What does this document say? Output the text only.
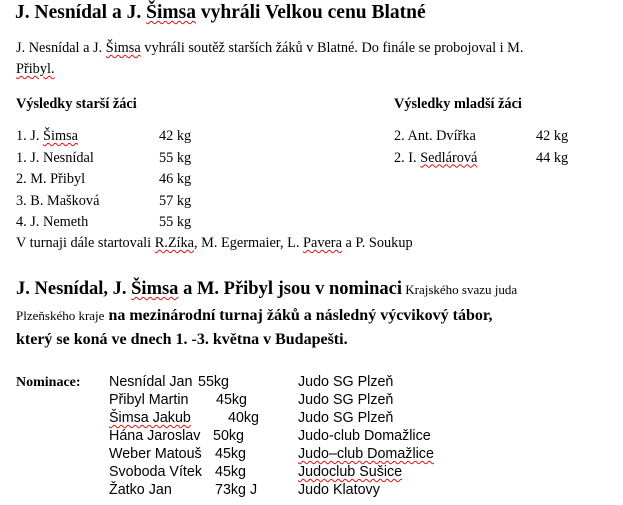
J. Nesnídal a J. Šimsa vyhráli Velkou cenu Blatné
J. Nesnídal a J. Šimsa vyhráli soutěž starších žáků v Blatné. Do finále se probojoval i M.
Přibyl.
Výsledky starší žáci	Výsledky mladší žáci
1. J. Šimsa	42 kg
1. J. Nesnídal	55 kg
2. M. Přibyl	46 kg
3. B. Mašková	57 kg
4. J. Nemeth	55 kg
2. Ant. Dvířka	42 kg
2. I. Sedlárová	44 kg
V turnaji dále startovali R.Zíka, M. Egermaier, L. Pavera a P. Soukup
J. Nesnídal, J. Šimsa a M. Přibyl jsou v nominaci Krajského svazu juda
Plzeňského kraje na mezinárodní turnaj žáků a následný výcvikový tábor,
který se koná ve dnech 1. -3. května v Budapešti.
Nominace: Nesnídal Jan 55kg	Judo SG Plzeň
Přibyl Martin 45kg	Judo SG Plzeň
Šimsa Jakub	40kg	Judo SG Plzeň
Hána Jaroslav 50kg	Judo-club Domažlice
Weber Matouš 45kg	Judo–club Domažlice
Svoboda Vítek 45kg	Judoclub Sušice
Žatko Jan	73kg J	Judo Klatovy
